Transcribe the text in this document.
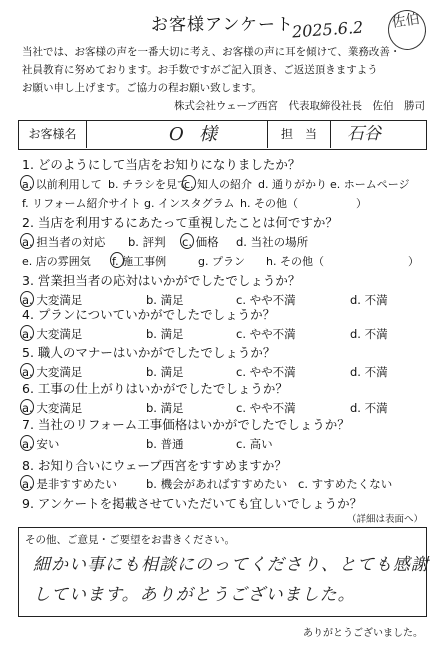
お客様アンケート
2025.6.2	佐伯
当社では、お客様の声を一番大切に考え、お客様の声に耳を傾けて、業務改善・
社員教育に努めております。お手数ですがご記入頂き、ご返送頂きますよう
お願い申し上げます。ご協力の程お願い致します。
株式会社ウェーブ西宮　代表取締役社長　佐伯　勝司
お客様名	O 様	担　当	石谷
1. どのようにして当店をお知りになりましたか？
a. 以前利用して b. チラシを見て
c. 知人の紹介 d. 通りがかり e. ホームページ
f. リフォーム紹介サイト g. インスタグラム h. その他（	）
2. 当店を利用するにあたって重視したことは何ですか？
a. 担当者の対応 b. 評判 c. 価格 d. 当社の場所
e. 店の雰囲気 f. 施工事例	g. プラン h. その他（	）
3. 営業担当者の応対はいかがでしたでしょうか？
a. 大変満足	b. 満足	c. やや不満	d. 不満
4. プランについていかがでしたでしょうか？
a. 大変満足	b. 満足	c. やや不満	d. 不満
5. 職人のマナーはいかがでしたでしょうか？
a. 大変満足	b. 満足	c. やや不満	d. 不満
6. 工事の仕上がりはいかがでしたでしょうか？
a. 大変満足	b. 満足	c. やや不満	d. 不満
7. 当社のリフォーム工事価格はいかがでしたでしょうか？
a. 安い	b. 普通	c. 高い
8. お知り合いにウェーブ西宮をすすめますか？
a. 是非すすめたい	b. 機会があればすすめたい c. すすめたくない
9. アンケートを掲載させていただいても宜しいでしょうか？
（詳細は表面へ）
その他、ご意見・ご要望をお書きください。
細かい事にも相談にのってくださり、とても感謝
しています。ありがとうございました。
ありがとうございました。
